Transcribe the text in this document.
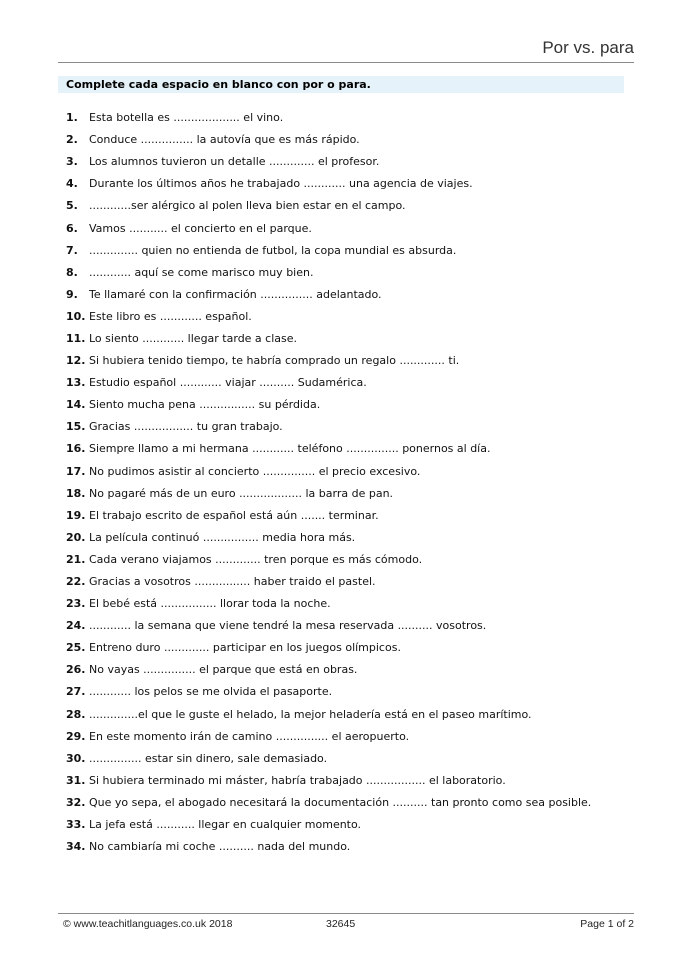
Por vs. para
Complete cada espacio en blanco con por o para.
1.	Esta botella es ................... el vino.
2.	Conduce ............... la autovía que es más rápido.
3.	Los alumnos tuvieron un detalle ............. el profesor.
4.	Durante los últimos años he trabajado ............ una agencia de viajes.
5.	............ser alérgico al polen lleva bien estar en el campo.
6.	Vamos ........... el concierto en el parque.
7.	.............. quien no entienda de futbol, la copa mundial es absurda.
8.	............ aquí se come marisco muy bien.
9.	Te llamaré con la confirmación ............... adelantado.
10. Este libro es ............ español.
11. Lo siento ............ llegar tarde a clase.
12. Si hubiera tenido tiempo, te habría comprado un regalo ............. ti.
13. Estudio español ............ viajar .......... Sudamérica.
14. Siento mucha pena ................ su pérdida.
15. Gracias ................. tu gran trabajo.
16. Siempre llamo a mi hermana ............ teléfono ............... ponernos al día.
17. No pudimos asistir al concierto ............... el precio excesivo.
18. No pagaré más de un euro .................. la barra de pan.
19. El trabajo escrito de español está aún ....... terminar.
20. La película continuó ................ media hora más.
21. Cada verano viajamos ............. tren porque es más cómodo.
22. Gracias a vosotros ................ haber traido el pastel.
23. El bebé está ................ llorar toda la noche.
24. ............ la semana que viene tendré la mesa reservada .......... vosotros.
25. Entreno duro ............. participar en los juegos olímpicos.
26. No vayas ............... el parque que está en obras.
27. ............ los pelos se me olvida el pasaporte.
28. ..............el que le guste el helado, la mejor heladería está en el paseo marítimo.
29. En este momento irán de camino ............... el aeropuerto.
30. ............... estar sin dinero, sale demasiado.
31. Si hubiera terminado mi máster, habría trabajado ................. el laboratorio.
32. Que yo sepa, el abogado necesitará la documentación .......... tan pronto como sea posible.
33. La jefa está ........... llegar en cualquier momento.
34. No cambiaría mi coche .......... nada del mundo.
© www.teachitlanguages.co.uk 2018	32645	Page 1 of 2
